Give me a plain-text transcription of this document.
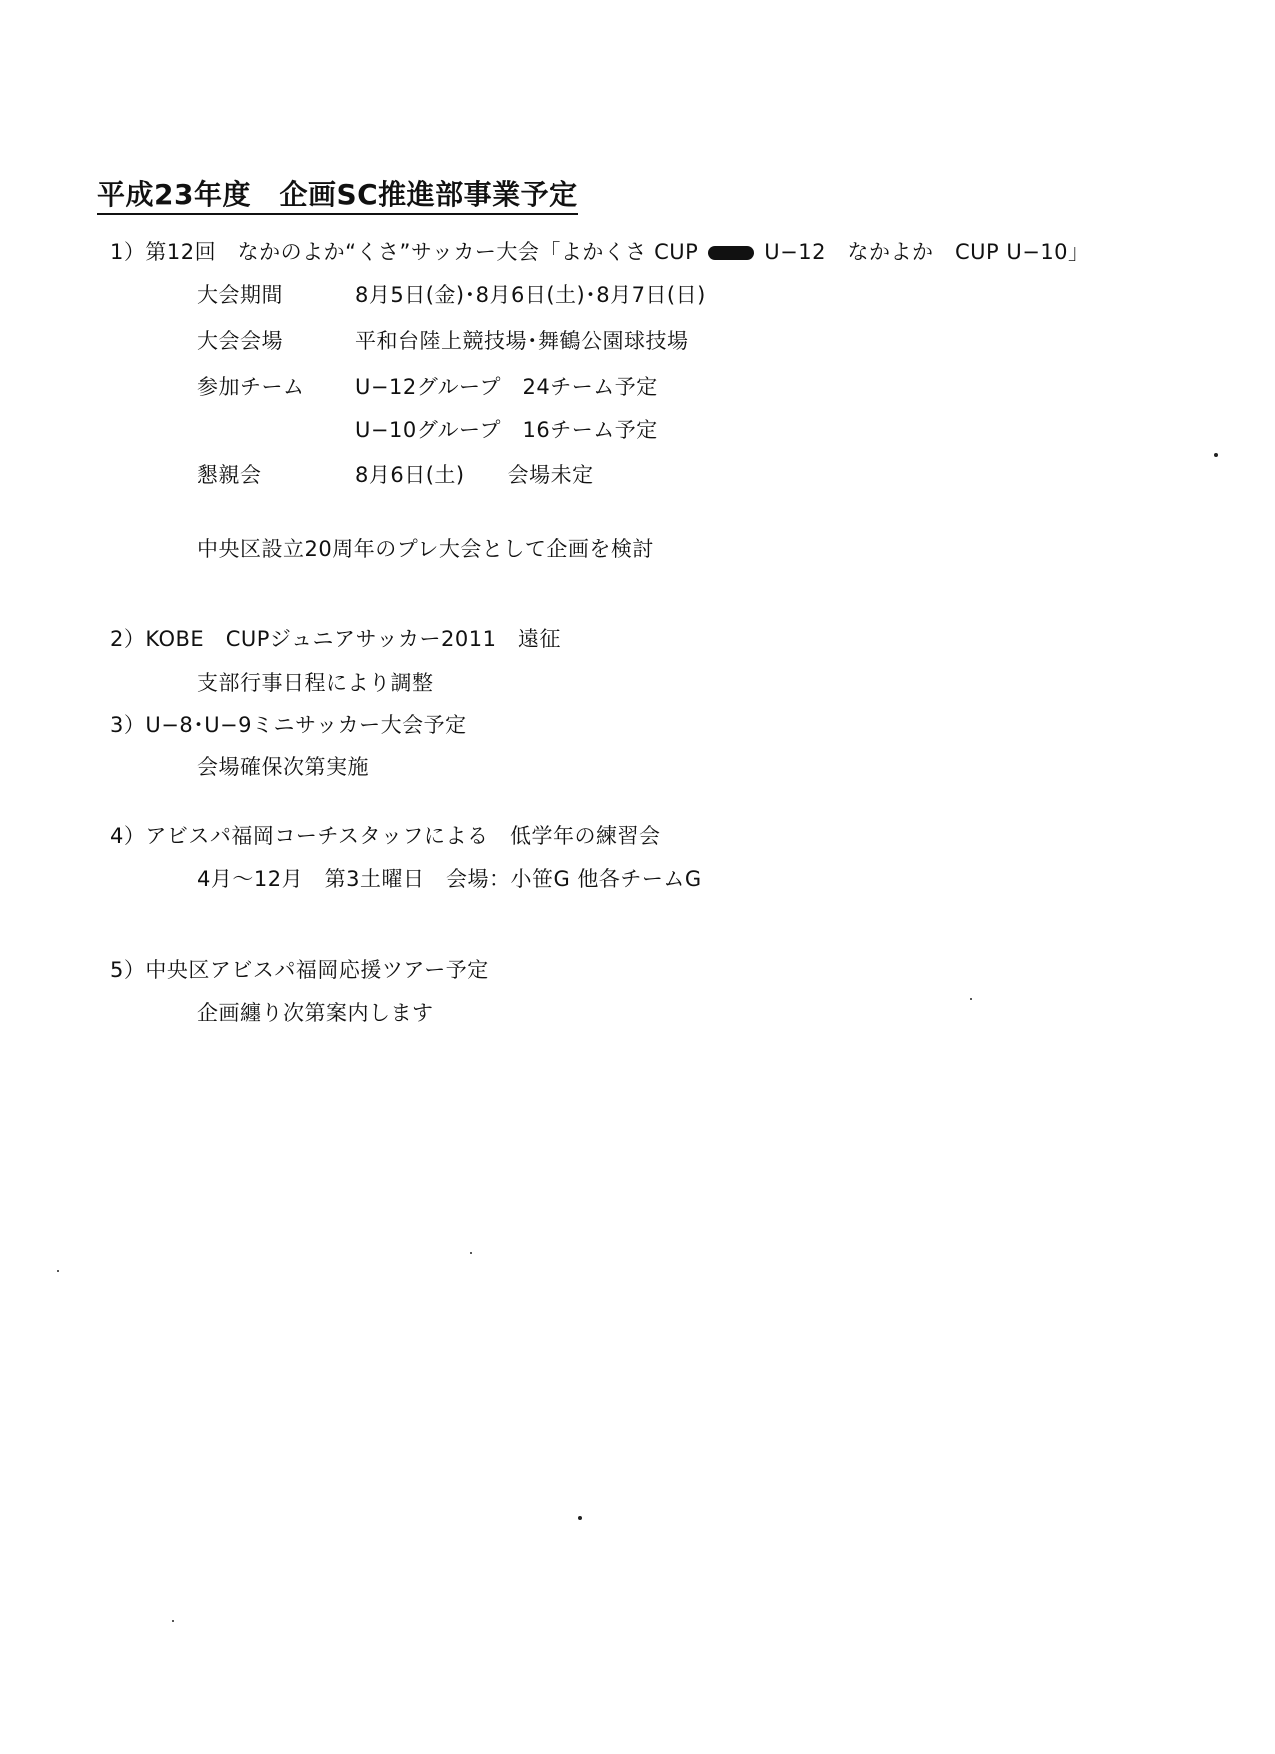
平成23年度　企画SC推進部事業予定
1）第12回　なかのよか“くさ”サッカー大会「よかくさ CUP	U−12　なかよか　CUP U−10」
大会期間	8月5日(金)･8月6日(土)･8月7日(日)
大会会場	平和台陸上競技場･舞鶴公園球技場
参加チーム U−12グループ　24チーム予定
U−10グループ　16チーム予定
懇親会	8月6日(土)　　会場未定
中央区設立20周年のプレ大会として企画を検討
2）KOBE　CUPジュニアサッカー2011　遠征
支部行事日程により調整
3）U−8･U−9ミニサッカー大会予定
会場確保次第実施
4）アビスパ福岡コーチスタッフによる　低学年の練習会
4月～12月　第3土曜日　会場：小笹G 他各チームG
5）中央区アビスパ福岡応援ツアー予定
企画纏り次第案内します
